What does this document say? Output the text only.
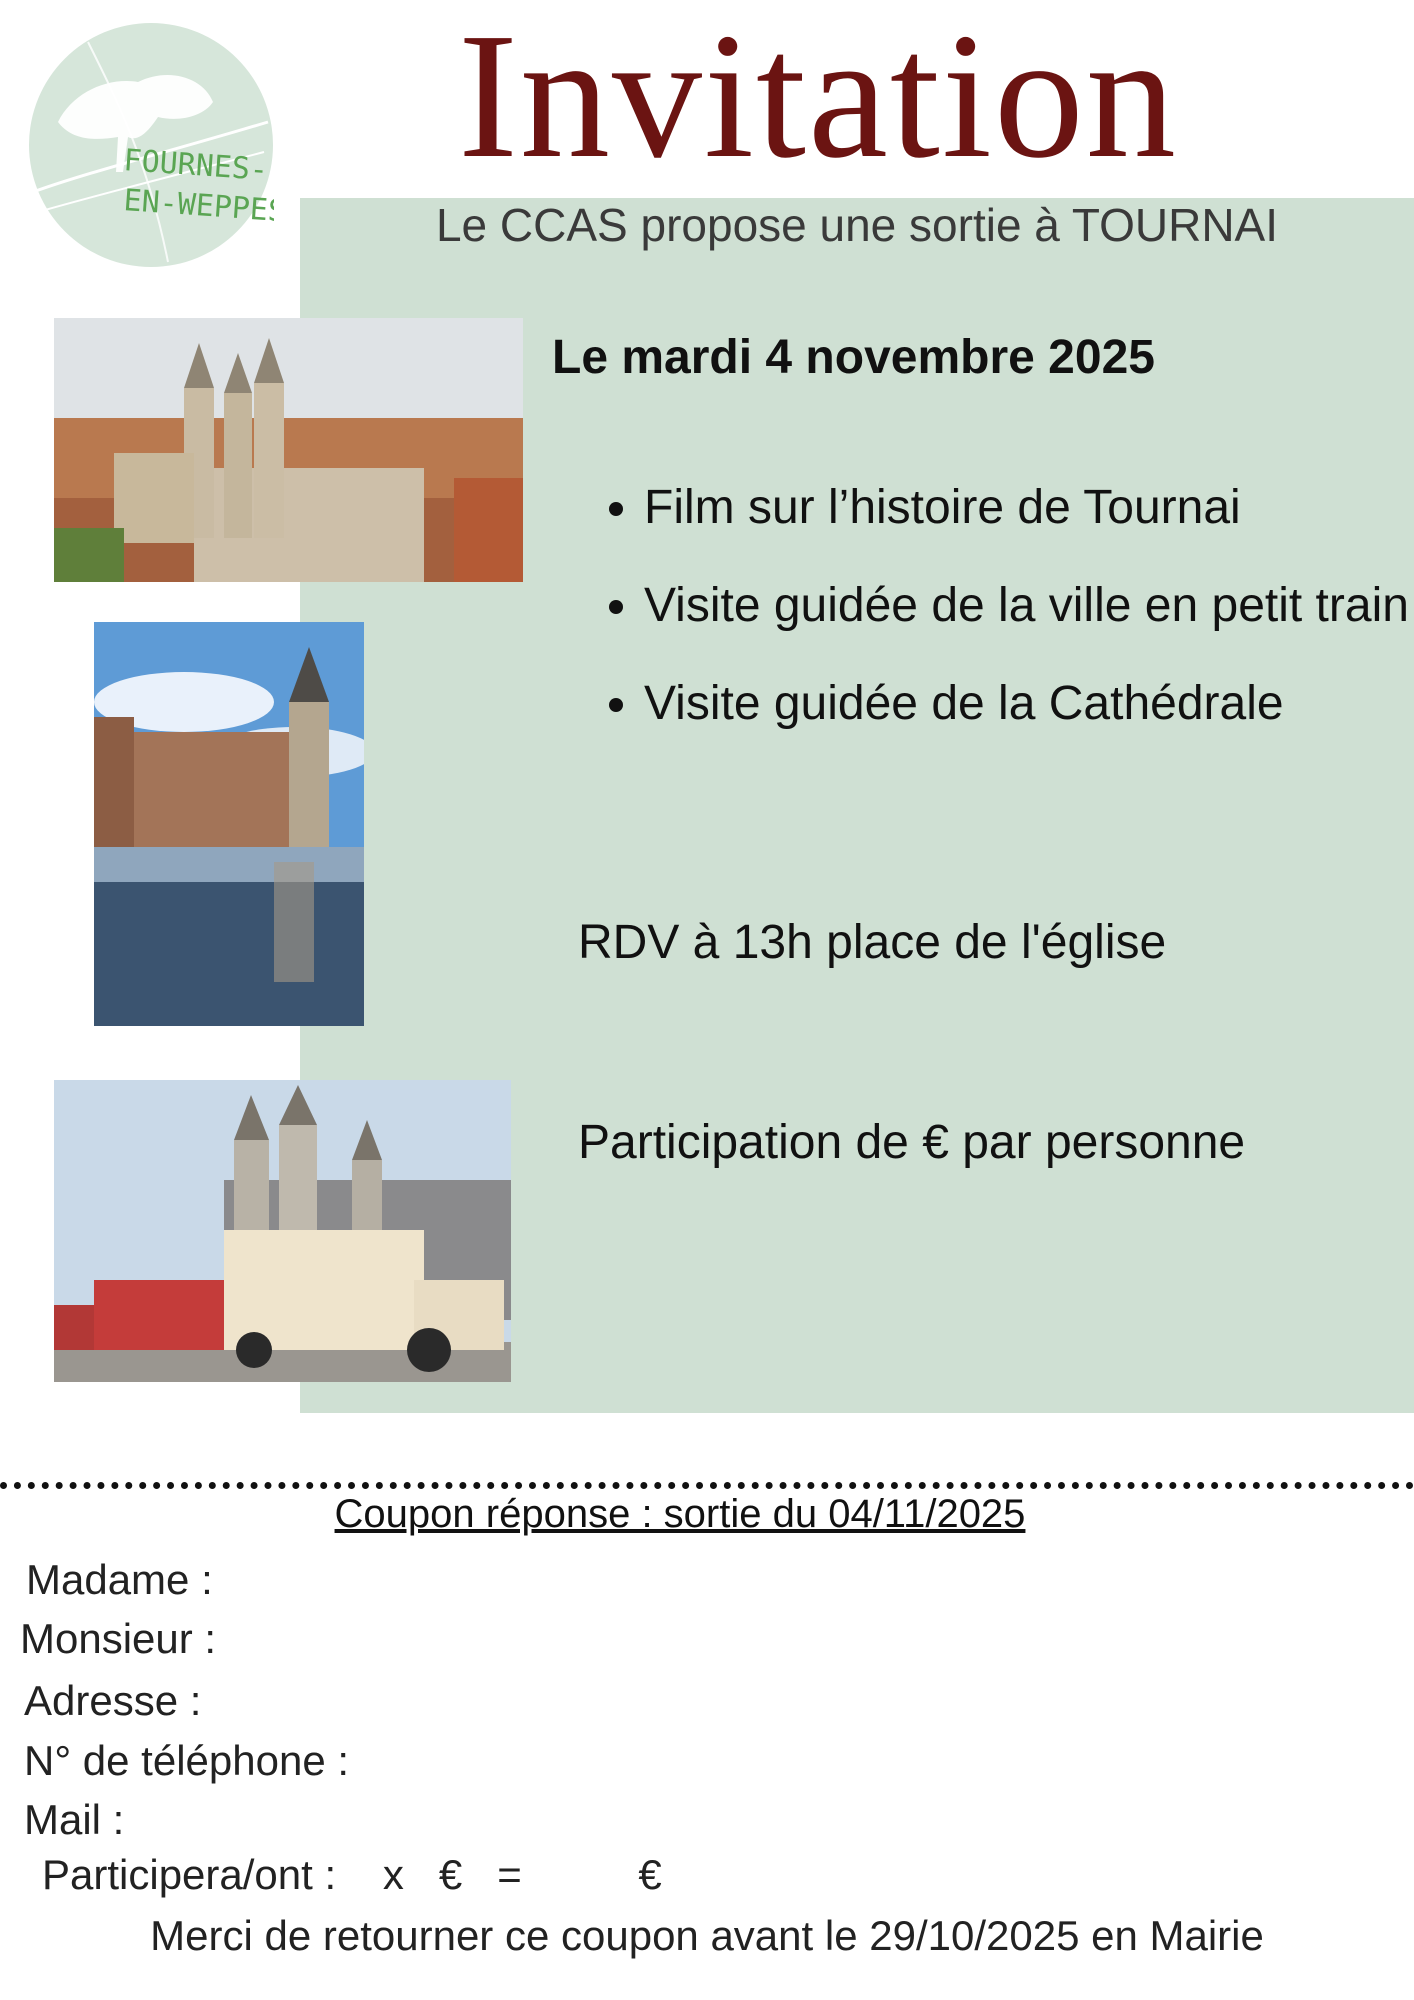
FOURNES-
EN-WEPPES
Invitation
Le CCAS propose une sortie à TOURNAI
Le mardi 4 novembre 2025
• Film sur l’histoire de Tournai
• Visite guidée de la ville en petit train
• Visite guidée de la Cathédrale
RDV à 13h place de l'église
Participation de € par personne
Coupon réponse : sortie du 04/11/2025
Madame :
Monsieur :
Adresse :
N° de téléphone :
Mail :
Participera/ont :    x   €   =          €
Merci de retourner ce coupon avant le 29/10/2025 en Mairie
